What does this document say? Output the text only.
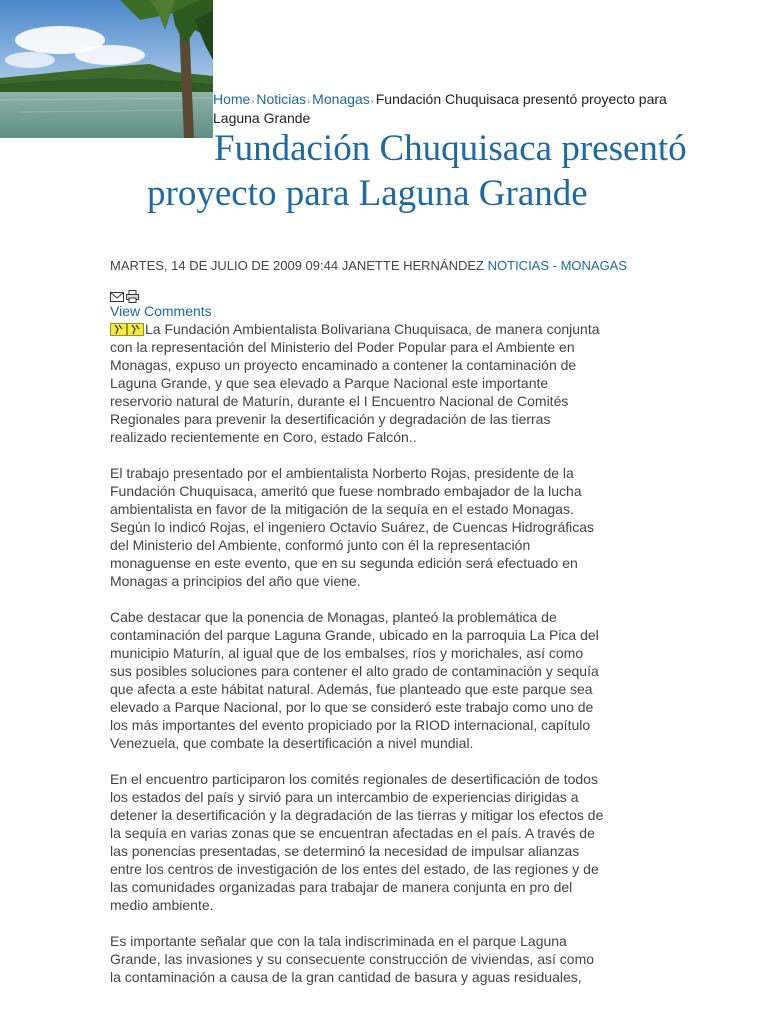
Home› Noticias› Monagas› Fundación Chuquisaca presentó proyecto para Laguna Grande
Fundación Chuquisaca presentó proyecto para Laguna Grande
MARTES, 14 DE JULIO DE 2009 09:44 JANETTE HERNÁNDEZ NOTICIAS - MONAGAS
View Comments

La Fundación Ambientalista Bolivariana Chuquisaca, de manera conjunta
con la representación del Ministerio del Poder Popular para el Ambiente en
Monagas, expuso un proyecto encaminado a contener la contaminación de
Laguna Grande, y que sea elevado a Parque Nacional este importante
reservorio natural de Maturín, durante el I Encuentro Nacional de Comités
Regionales para prevenir la desertificación y degradación de las tierras
realizado recientemente en Coro, estado Falcón..

El trabajo presentado por el ambientalista Norberto Rojas, presidente de la
Fundación Chuquisaca, ameritó que fuese nombrado embajador de la lucha
ambientalista en favor de la mitigación de la sequía en el estado Monagas.
Según lo indicó Rojas, el ingeniero Octavio Suárez, de Cuencas Hidrográficas
del Ministerio del Ambiente, conformó junto con él la representación
monaguense en este evento, que en su segunda edición será efectuado en
Monagas a principios del año que viene.

Cabe destacar que la ponencia de Monagas, planteó la problemática de
contaminación del parque Laguna Grande, ubicado en la parroquia La Pica del
municipio Maturín, al igual que de los embalses, ríos y morichales, así como
sus posibles soluciones para contener el alto grado de contaminación y sequía
que afecta a este hábitat natural. Además, fue planteado que este parque sea
elevado a Parque Nacional, por lo que se consideró este trabajo como uno de
los más importantes del evento propiciado por la RIOD internacional, capítulo
Venezuela, que combate la desertificación a nivel mundial.

En el encuentro participaron los comités regionales de desertificación de todos
los estados del país y sirvió para un intercambio de experiencias dirigidas a
detener la desertificación y la degradación de las tierras y mitigar los efectos de
la sequía en varias zonas que se encuentran afectadas en el país. A través de
las ponencias presentadas, se determinó la necesidad de impulsar alianzas
entre los centros de investigación de los entes del estado, de las regiones y de
las comunidades organizadas para trabajar de manera conjunta en pro del
medio ambiente.

Es importante señalar que con la tala indiscriminada en el parque Laguna
Grande, las invasiones y su consecuente construcción de viviendas, así como
la contaminación a causa de la gran cantidad de basura y aguas residuales,
